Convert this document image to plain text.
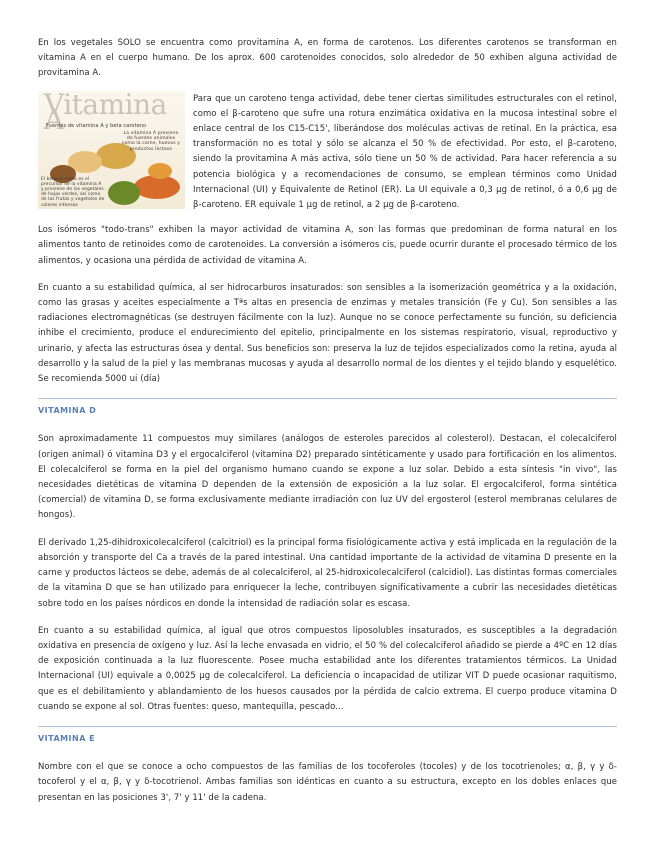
En los vegetales SOLO se encuentra como provitamina A, en forma de carotenos. Los diferentes carotenos se transforman en vitamina A en el cuerpo humano. De los aprox. 600 carotenoides conocidos, solo alrededor de 50 exhiben alguna actividad de provitamina A.

Vitamina A
Fuentes de vitamina A y beta caroteno
La vitamina A proviene de fuentes animales como la carne, huevos y productos lácteos
El betacaroteno es el precursor de la vitamina A y proviene de los vegetales de hojas verdes, así como de las frutas y vegetales de colores intensos

Para que un caroteno tenga actividad, debe tener ciertas similitudes estructurales con el retinol, como el β-caroteno que sufre una rotura enzimática oxidativa en la mucosa intestinal sobre el enlace central de los C15-C15', liberándose dos moléculas activas de retinal. En la práctica, esa transformación no es total y sólo se alcanza el 50 % de efectividad. Por esto, el β-caroteno, siendo la provitamina A más activa, sólo tiene un 50 % de actividad. Para hacer referencia a su potencia biológica y a recomendaciones de consumo, se emplean términos como Unidad Internacional (UI) y Equivalente de Retinol (ER). La UI equivale a 0,3 µg de retinol, ó a 0,6 µg de β-caroteno. ER equivale 1 µg de retinol, a 2 µg de β-caroteno.

Los isómeros "todo-trans" exhiben la mayor actividad de vitamina A, son las formas que predominan de forma natural en los alimentos tanto de retinoides como de carotenoides. La conversión a isómeros cis, puede ocurrir durante el procesado térmico de los alimentos, y ocasiona una pérdida de actividad de vitamina A.

En cuanto a su estabilidad química, al ser hidrocarburos insaturados: son sensibles a la isomerización geométrica y a la oxidación, como las grasas y aceites especialmente a Tªs altas en presencia de enzimas y metales transición (Fe y Cu). Son sensibles a las radiaciones electromagnéticas (se destruyen fácilmente con la luz). Aunque no se conoce perfectamente su función, su deficiencia inhibe el crecimiento, produce el endurecimiento del epitelio, principalmente en los sistemas respiratorio, visual, reproductivo y urinario, y afecta las estructuras ósea y dental. Sus beneficios son: preserva la luz de tejidos especializados como la retina, ayuda al desarrollo y la salud de la piel y las membranas mucosas y ayuda al desarrollo normal de los dientes y el tejido blando y esquelético. Se recomienda 5000 ui (día)

VITAMINA D

Son aproximadamente 11 compuestos muy similares (análogos de esteroles parecidos al colesterol). Destacan, el colecalciferol (origen animal) ó vitamina D3 y el ergocalciferol (vitamina D2) preparado sintéticamente y usado para fortificación en los alimentos. El colecalciferol se forma en la piel del organismo humano cuando se expone a luz solar. Debido a esta síntesis "in vivo", las necesidades dietéticas de vitamina D dependen de la extensión de exposición a la luz solar. El ergocalciferol, forma sintética (comercial) de vitamina D, se forma exclusivamente mediante irradiación con luz UV del ergosterol (esterol membranas celulares de hongos).

El derivado 1,25-dihidroxicolecalciferol (calcitriol) es la principal forma fisiológicamente activa y está implicada en la regulación de la absorción y transporte del Ca a través de la pared intestinal. Una cantidad importante de la actividad de vitamina D presente en la carne y productos lácteos se debe, además de al colecalciferol, al 25-hidroxicolecalciferol (calcidiol). Las distintas formas comerciales de la vitamina D que se han utilizado para enriquecer la leche, contribuyen significativamente a cubrir las necesidades dietéticas sobre todo en los países nórdicos en donde la intensidad de radiación solar es escasa.

En cuanto a su estabilidad química, al igual que otros compuestos liposolubles insaturados, es susceptibles a la degradación oxidativa en presencia de oxígeno y luz. Así la leche envasada en vidrio, el 50 % del colecalciferol añadido se pierde a 4ºC en 12 días de exposición continuada a la luz fluorescente. Posee mucha estabilidad ante los diferentes tratamientos térmicos. La Unidad Internacional (UI) equivale a 0,0025 µg de colecalciferol. La deficiencia o incapacidad de utilizar VIT D puede ocasionar raquitismo, que es el debilitamiento y ablandamiento de los huesos causados por la pérdida de calcio extrema. El cuerpo produce vitamina D cuando se expone al sol. Otras fuentes: queso, mantequilla, pescado...

VITAMINA E

Nombre con el que se conoce a ocho compuestos de las familias de los tocoferoles (tocoles) y de los tocotrienoles; α, β, γ y δ-tocoferol y el α, β, γ y δ-tocotrienol. Ambas familias son idénticas en cuanto a su estructura, excepto en los dobles enlaces que presentan en las posiciones 3', 7' y 11' de la cadena.
